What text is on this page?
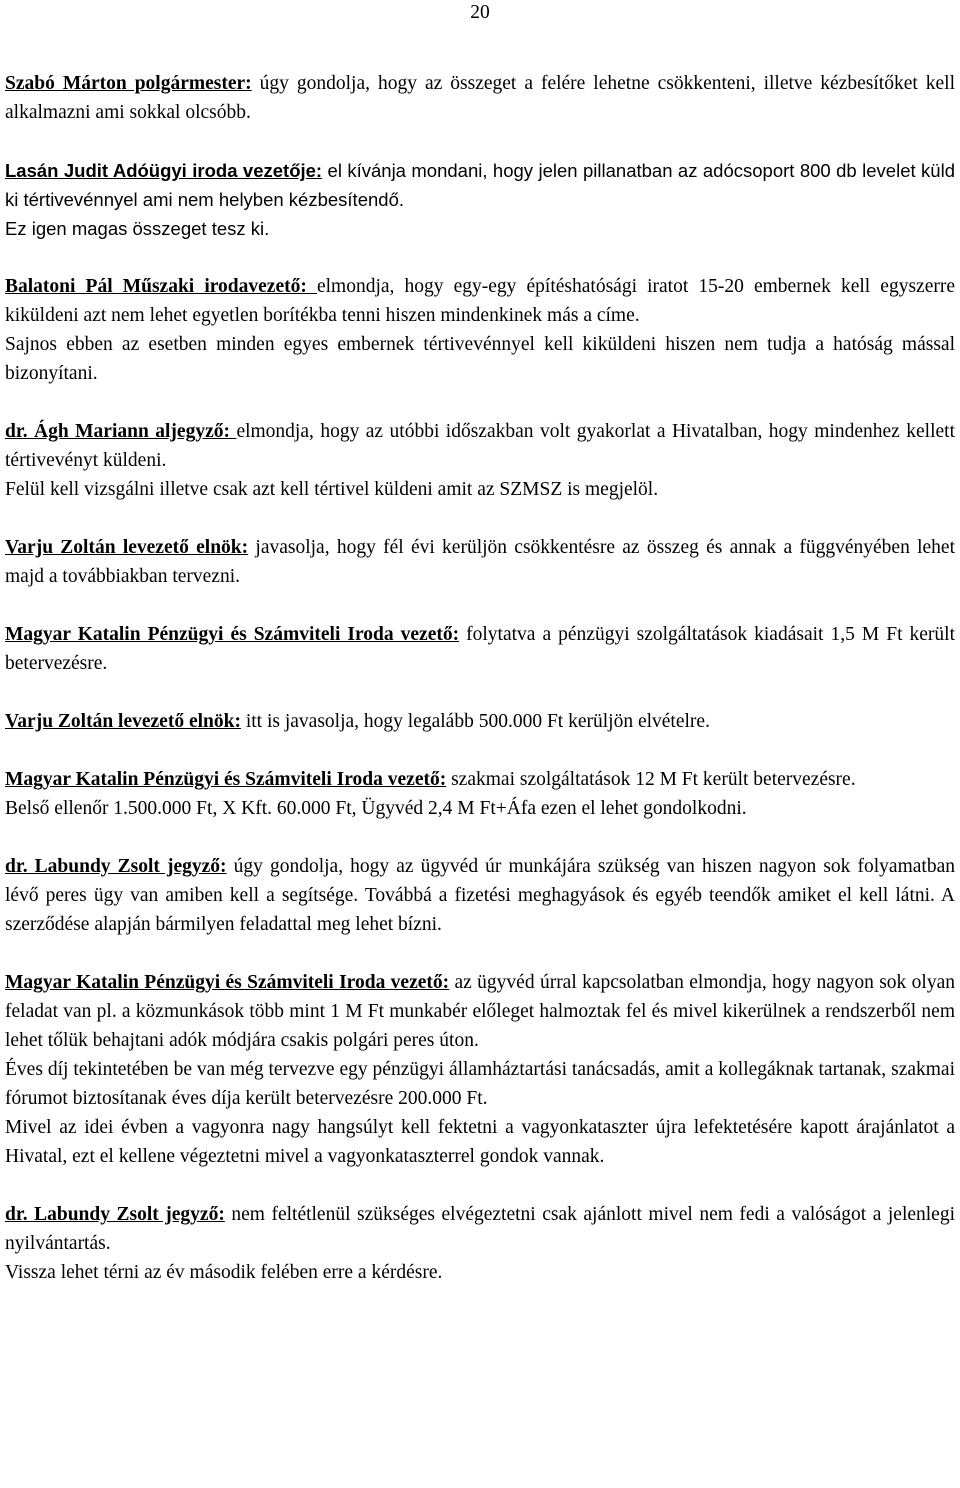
20

Szabó Márton polgármester: úgy gondolja, hogy az összeget a felére lehetne csökkenteni, illetve kézbesítőket kell alkalmazni ami sokkal olcsóbb.

Lasán Judit Adóügyi iroda vezetője: el kívánja mondani, hogy jelen pillanatban az adócsoport 800 db levelet küld ki tértivevénnyel ami nem helyben kézbesítendő.

Ez igen magas összeget tesz ki.

Balatoni Pál Műszaki irodavezető: elmondja, hogy egy-egy építéshatósági iratot 15-20 embernek kell egyszerre kiküldeni azt nem lehet egyetlen borítékba tenni hiszen mindenkinek más a címe.

Sajnos ebben az esetben minden egyes embernek tértivevénnyel kell kiküldeni hiszen nem tudja a hatóság mással bizonyítani.

dr. Ágh Mariann aljegyző: elmondja, hogy az utóbbi időszakban volt gyakorlat a Hivatalban, hogy mindenhez kellett tértivevényt küldeni.

Felül kell vizsgálni illetve csak azt kell tértivel küldeni amit az SZMSZ is megjelöl.

Varju Zoltán levezető elnök: javasolja, hogy fél évi kerüljön csökkentésre az összeg és annak a függvényében lehet majd a továbbiakban tervezni.

Magyar Katalin Pénzügyi és Számviteli Iroda vezető: folytatva a pénzügyi szolgáltatások kiadásait 1,5 M Ft került betervezésre.

Varju Zoltán levezető elnök: itt is javasolja, hogy legalább 500.000 Ft kerüljön elvételre.

Magyar Katalin Pénzügyi és Számviteli Iroda vezető: szakmai szolgáltatások 12 M Ft került betervezésre.

Belső ellenőr 1.500.000 Ft, X Kft. 60.000 Ft, Ügyvéd 2,4 M Ft+Áfa ezen el lehet gondolkodni.

dr. Labundy Zsolt jegyző: úgy gondolja, hogy az ügyvéd úr munkájára szükség van hiszen nagyon sok folyamatban lévő peres ügy van amiben kell a segítsége. Továbbá a fizetési meghagyások és egyéb teendők amiket el kell látni. A szerződése alapján bármilyen feladattal meg lehet bízni.

Magyar Katalin Pénzügyi és Számviteli Iroda vezető: az ügyvéd úrral kapcsolatban elmondja, hogy nagyon sok olyan feladat van pl. a közmunkások több mint 1 M Ft munkabér előleget halmoztak fel és mivel kikerülnek a rendszerből nem lehet tőlük behajtani adók módjára csakis polgári peres úton.

Éves díj tekintetében be van még tervezve egy pénzügyi államháztartási tanácsadás, amit a kollegáknak tartanak, szakmai fórumot biztosítanak éves díja került betervezésre 200.000 Ft.

Mivel az idei évben a vagyonra nagy hangsúlyt kell fektetni a vagyonkataszter újra lefektetésére kapott árajánlatot a Hivatal, ezt el kellene végeztetni mivel a vagyonkataszterrel gondok vannak.

dr. Labundy Zsolt jegyző: nem feltétlenül szükséges elvégeztetni csak ajánlott mivel nem fedi a valóságot a jelenlegi nyilvántartás.

Vissza lehet térni az év második felében erre a kérdésre.
